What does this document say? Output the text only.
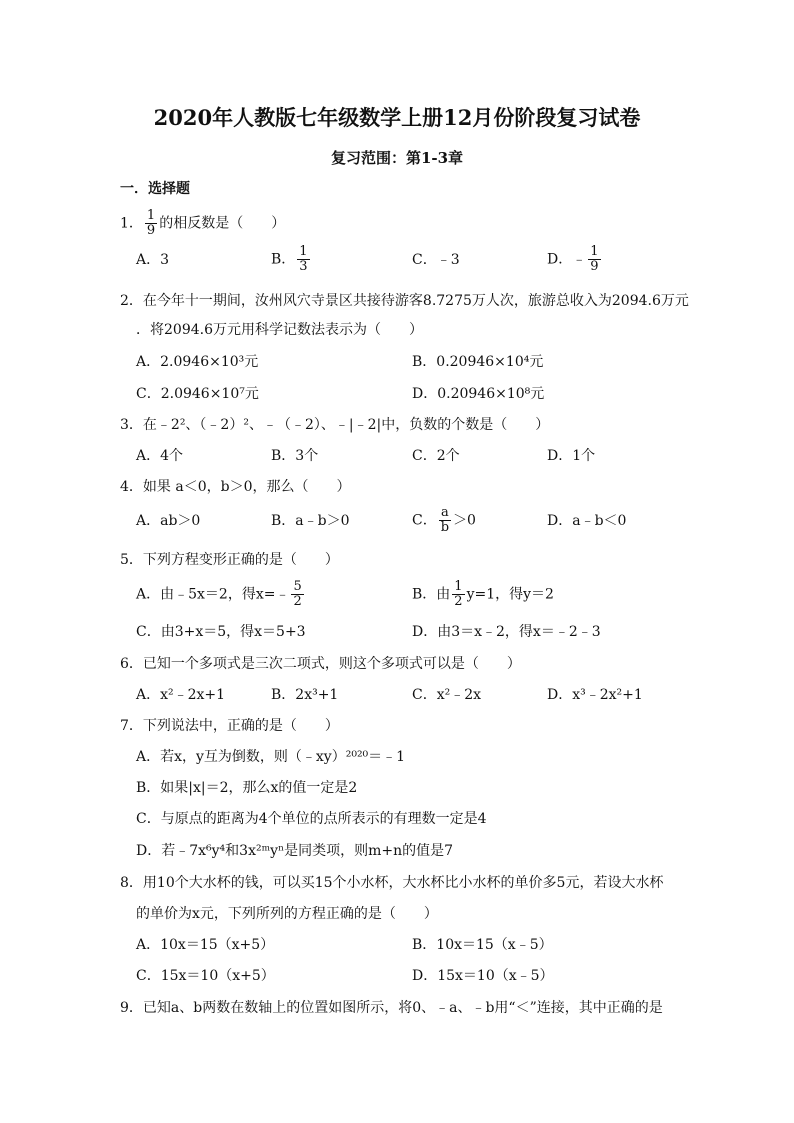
2020年人教版七年级数学上册12月份阶段复习试卷
复习范围：第1-3章
一．选择题
1． $\frac{1}{9}$ 的相反数是（　　）
A．3	B． $\frac{1}{3}$	C．﹣3	D．﹣ $\frac{1}{9}$
2．在今年十一期间，汝州风穴寺景区共接待游客8.7275万人次，旅游总收入为2094.6万元
．将2094.6万元用科学记数法表示为（　　）
A．2.0946×10³元	B．0.20946×10⁴元
C．2.0946×10⁷元	D．0.20946×10⁸元
3．在﹣2²、（﹣2）²、﹣（﹣2）、﹣|﹣2|中，负数的个数是（　　）
A．4个	B．3个	C．2个	D．1个
4．如果 a＜0，b＞0，那么（　　）
A．ab＞0	B．a﹣b＞0	C． $\frac{a}{b} >0$	D．a﹣b＜0
5．下列方程变形正确的是（　　）
A．由﹣5x＝2，得x=﹣ $\frac{5}{2}$	B．由 $\frac{1}{2} y=1$，得y＝2
C．由3+x＝5，得x＝5+3	D．由3＝x﹣2，得x＝﹣2﹣3
6．已知一个多项式是三次二项式，则这个多项式可以是（　　）
A．x²﹣2x+1	B．2x³+1	C．x²﹣2x	D．x³﹣2x²+1
7．下列说法中，正确的是（　　）
A．若x，y互为倒数，则（﹣xy）²⁰²⁰＝﹣1
B．如果|x|＝2，那么x的值一定是2
C．与原点的距离为4个单位的点所表示的有理数一定是4
D．若﹣7x⁶y⁴和3x²ᵐyⁿ是同类项，则m+n的值是7
8．用10个大水杯的钱，可以买15个小水杯，大水杯比小水杯的单价多5元，若设大水杯
的单价为x元，下列所列的方程正确的是（　　）
A．10x＝15（x+5）	B．10x＝15（x﹣5）
C．15x＝10（x+5）	D．15x＝10（x﹣5）
9．已知a、b两数在数轴上的位置如图所示，将0、﹣a、﹣b用“＜”连接，其中正确的是
